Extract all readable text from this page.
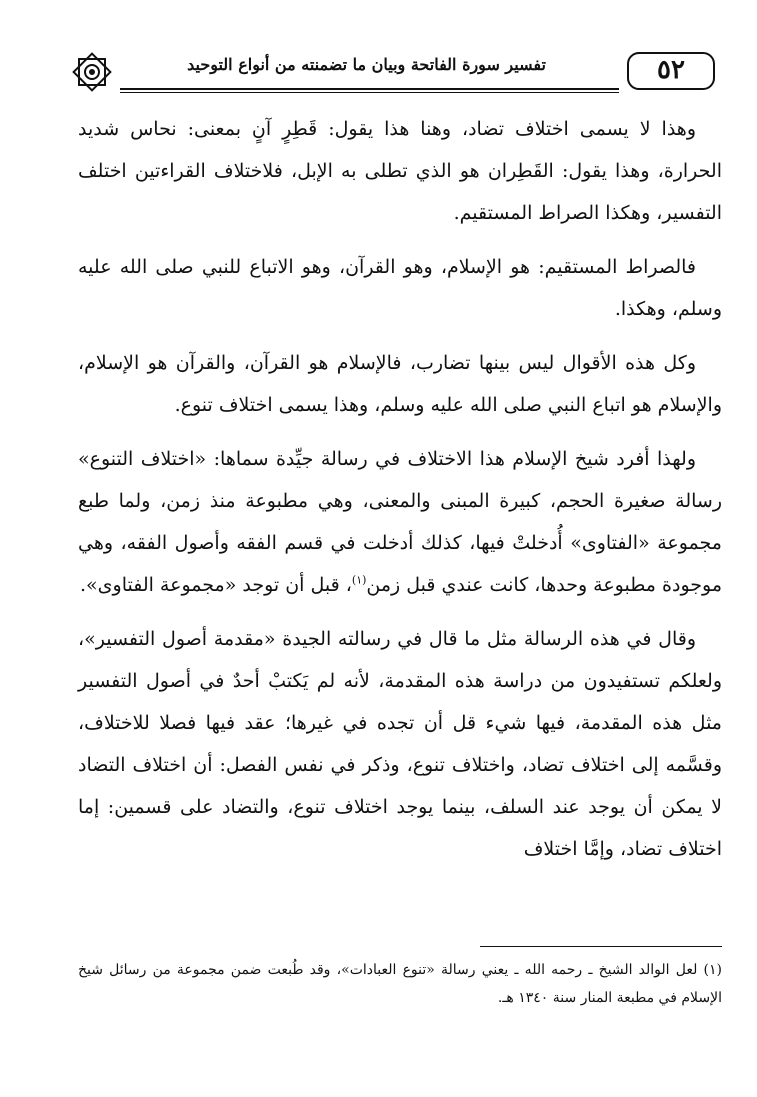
تفسير سورة الفاتحة وبيان ما تضمنته من أنواع التوحيد	٥٢

وهذا لا يسمى اختلاف تضاد، وهنا هذا يقول: قَطِرٍ آنٍ بمعنى: نحاس شديد الحرارة، وهذا يقول: القَطِران هو الذي تطلى به الإبل، فلاختلاف القراءتين اختلف التفسير، وهكذا الصراط المستقيم.

فالصراط المستقيم: هو الإسلام، وهو القرآن، وهو الاتباع للنبي صلى الله عليه وسلم، وهكذا.

وكل هذه الأقوال ليس بينها تضارب، فالإسلام هو القرآن، والقرآن هو الإسلام، والإسلام هو اتباع النبي صلى الله عليه وسلم، وهذا يسمى اختلاف تنوع.

ولهذا أفرد شيخ الإسلام هذا الاختلاف في رسالة جيِّدة سماها: «اختلاف التنوع» رسالة صغيرة الحجم، كبيرة المبنى والمعنى، وهي مطبوعة منذ زمن، ولما طبع مجموعة «الفتاوى» أُدخلتْ فيها، كذلك أدخلت في قسم الفقه وأصول الفقه، وهي موجودة مطبوعة وحدها، كانت عندي قبل زمن$^{(١)}$، قبل أن توجد «مجموعة الفتاوى».

وقال في هذه الرسالة مثل ما قال في رسالته الجيدة «مقدمة أصول التفسير»، ولعلكم تستفيدون من دراسة هذه المقدمة، لأنه لم يَكتبْ أحدٌ في أصول التفسير مثل هذه المقدمة، فيها شيء قل أن تجده في غيرها؛ عقد فيها فصلا للاختلاف، وقسَّمه إلى اختلاف تضاد، واختلاف تنوع، وذكر في نفس الفصل: أن اختلاف التضاد لا يمكن أن يوجد عند السلف، بينما يوجد اختلاف تنوع، والتضاد على قسمين: إما اختلاف تضاد، وإمَّا اختلاف

(١) لعل الوالد الشيخ ـ رحمه الله ـ يعني رسالة «تنوع العبادات»، وقد طُبعت ضمن مجموعة من رسائل شيخ الإسلام في مطبعة المنار سنة ١٣٤٠ هـ.
